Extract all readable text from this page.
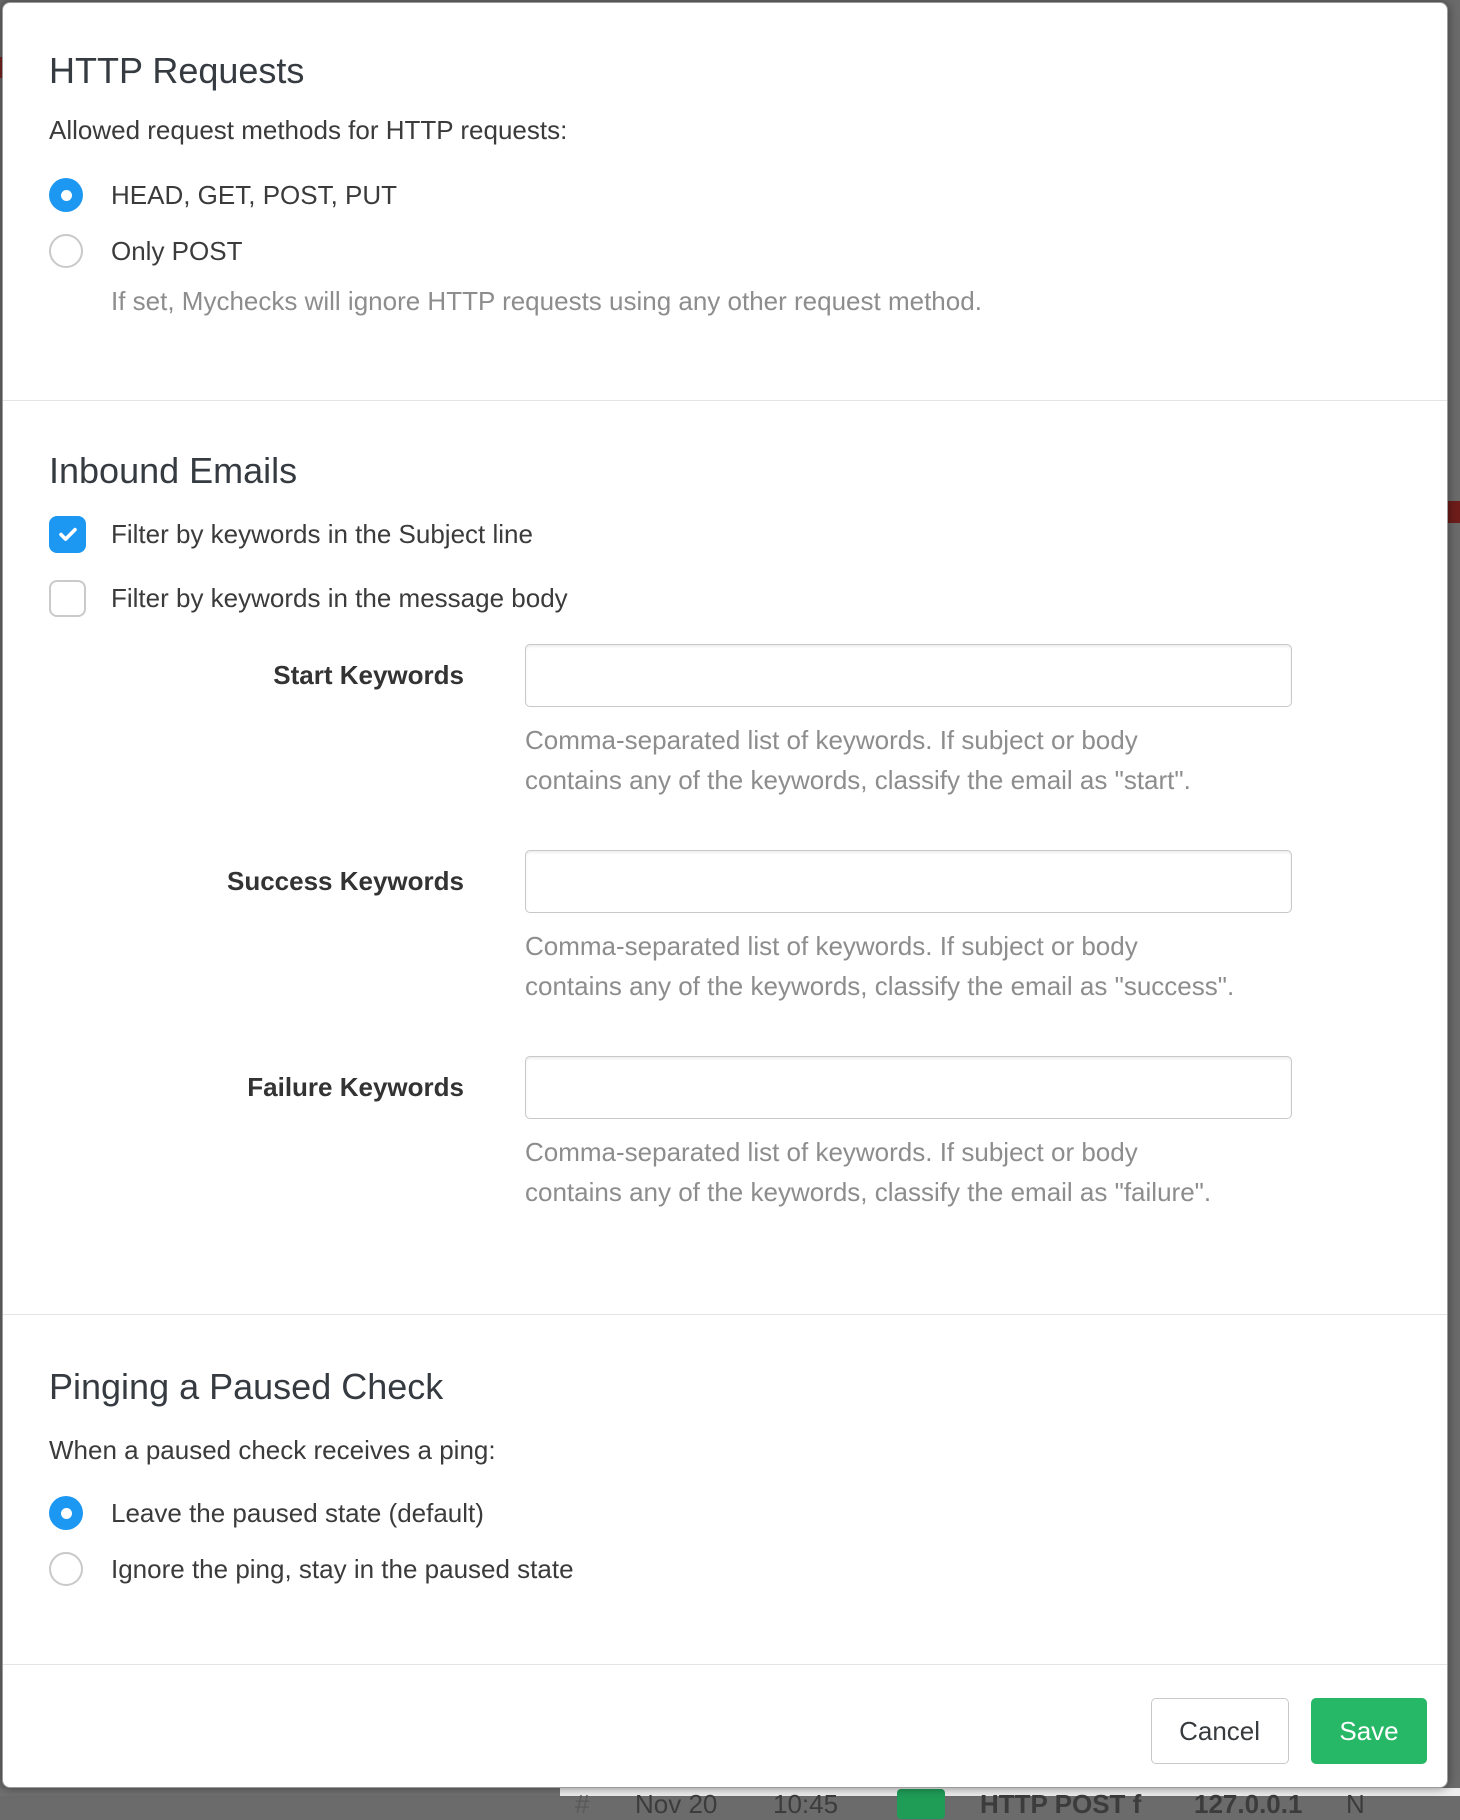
# Nov 20 10:45	HTTP POST f 127.0.0.1 N
HTTP Requests

Allowed request methods for HTTP requests:

HEAD, GET, POST, PUT
Only POST

If set, Mychecks will ignore HTTP requests using any other request method.

Inbound Emails
Filter by keywords in the Subject line
Filter by keywords in the message body
Start Keywords
Comma-separated list of keywords. If subject or body
contains any of the keywords, classify the email as "start".
Success Keywords
Comma-separated list of keywords. If subject or body
contains any of the keywords, classify the email as "success".
Failure Keywords
Comma-separated list of keywords. If subject or body
contains any of the keywords, classify the email as "failure".
Pinging a Paused Check

When a paused check receives a ping:

Leave the paused state (default)
Ignore the ping, stay in the paused state
Cancel	Save
